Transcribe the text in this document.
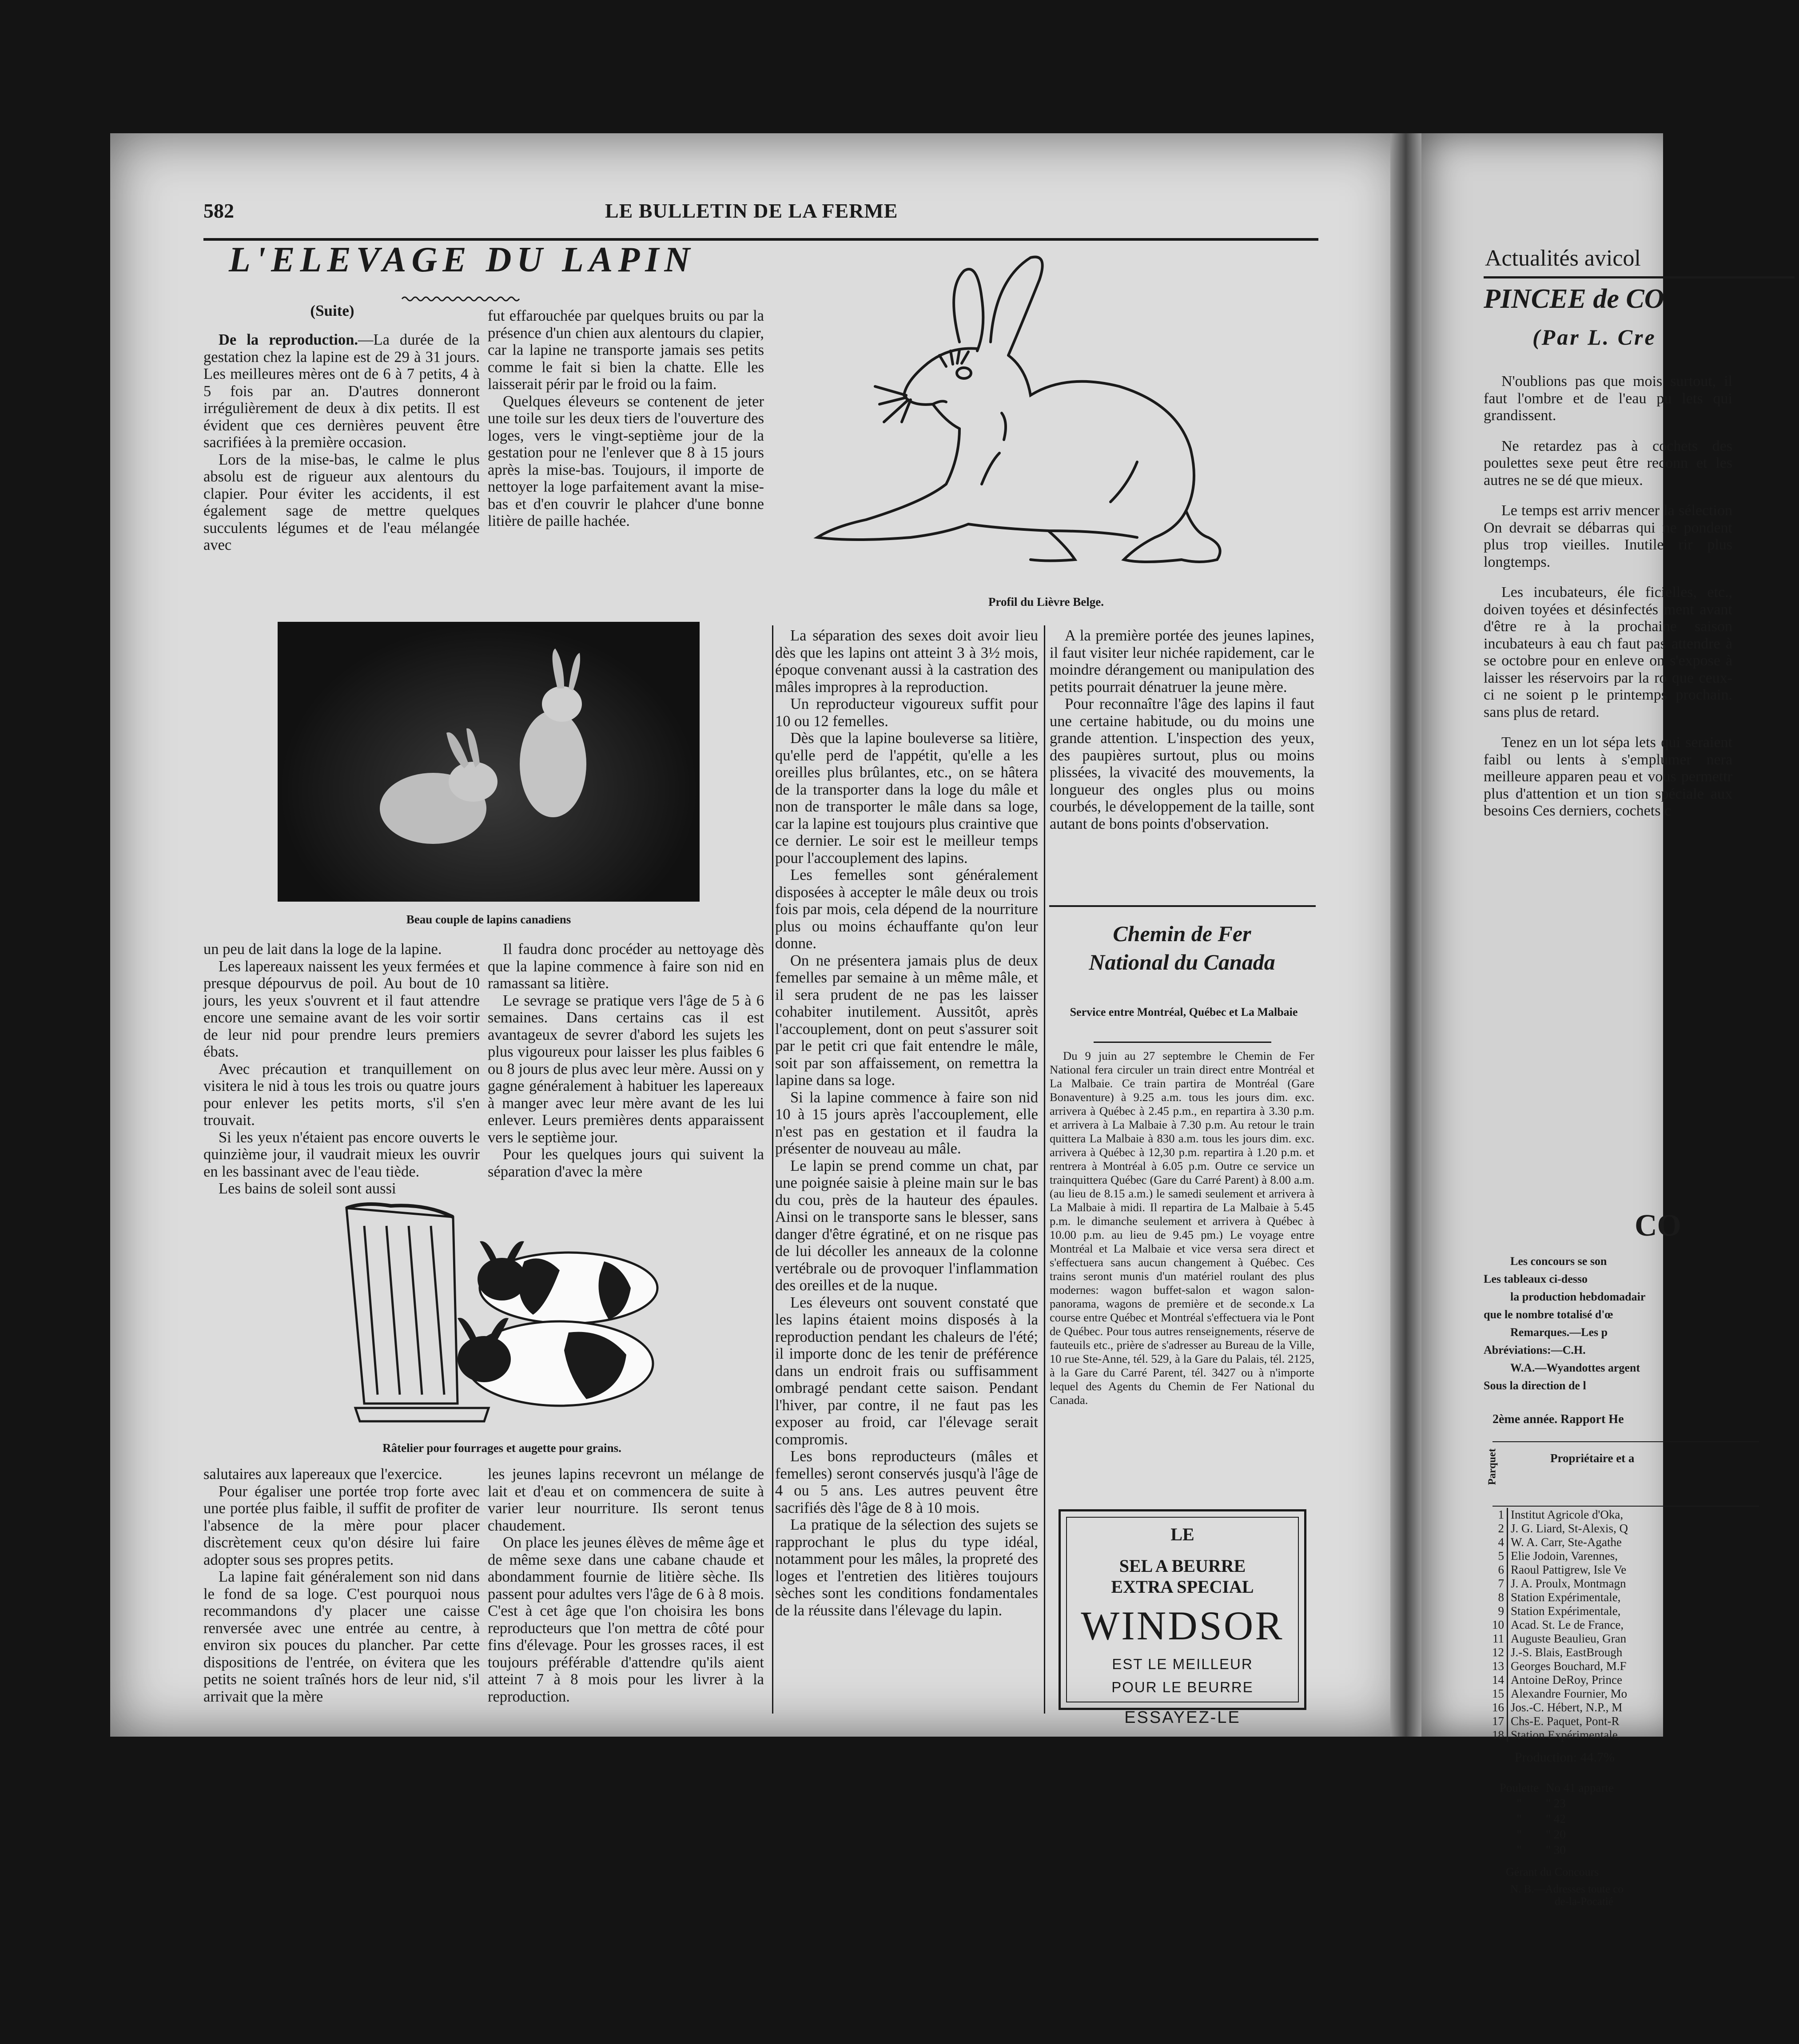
582	LE BULLETIN DE LA FERME
L'ELEVAGE DU LAPIN
(Suite)

De la reproduction.—La durée de la gestation chez la lapine est de 29 à 31 jours. Les meilleures mères ont de 6 à 7 petits, 4 à 5 fois par an. D'autres donneront irrégulièrement de deux à dix petits. Il est évident que ces dernières peuvent être sacrifiées à la première occasion.

Lors de la mise-bas, le calme le plus absolu est de rigueur aux alentours du clapier. Pour éviter les accidents, il est également sage de mettre quelques succulents légumes et de l'eau mélangée avec

fut effarouchée par quelques bruits ou par la présence d'un chien aux alentours du clapier, car la lapine ne transporte jamais ses petits comme le fait si bien la chatte. Elle les laisserait périr par le froid ou la faim.

Quelques éleveurs se contenent de jeter une toile sur les deux tiers de l'ouverture des loges, vers le vingt-septième jour de la gestation pour ne l'enlever que 8 à 15 jours après la mise-bas. Toujours, il importe de nettoyer la loge parfaitement avant la mise-bas et d'en couvrir le plahcer d'une bonne litière de paille hachée.

Profil du Lièvre Belge.
Beau couple de lapins canadiens

un peu de lait dans la loge de la lapine.

Les lapereaux naissent les yeux fermées et presque dépourvus de poil. Au bout de 10 jours, les yeux s'ouvrent et il faut attendre encore une semaine avant de les voir sortir de leur nid pour prendre leurs premiers ébats.

Avec précaution et tranquillement on visitera le nid à tous les trois ou quatre jours pour enlever les petits morts, s'il s'en trouvait.

Si les yeux n'étaient pas encore ouverts le quinzième jour, il vaudrait mieux les ouvrir en les bassinant avec de l'eau tiède.

Les bains de soleil sont aussi

Il faudra donc procéder au nettoyage dès que la lapine commence à faire son nid en ramassant sa litière.

Le sevrage se pratique vers l'âge de 5 à 6 semaines. Dans certains cas il est avantageux de sevrer d'abord les sujets les plus vigoureux pour laisser les plus faibles 6 ou 8 jours de plus avec leur mère. Aussi on y gagne généralement à habituer les lapereaux à manger avec leur mère avant de les lui enlever. Leurs premières dents apparaissent vers le septième jour.

Pour les quelques jours qui suivent la séparation d'avec la mère

Râtelier pour fourrages et augette pour grains.

salutaires aux lapereaux que l'exercice.

Pour égaliser une portée trop forte avec une portée plus faible, il suffit de profiter de l'absence de la mère pour placer discrètement ceux qu'on désire lui faire adopter sous ses propres petits.

La lapine fait généralement son nid dans le fond de sa loge. C'est pourquoi nous recommandons d'y placer une caisse renversée avec une entrée au centre, à environ six pouces du plancher. Par cette dispositions de l'entrée, on évitera que les petits ne soient traînés hors de leur nid, s'il arrivait que la mère

les jeunes lapins recevront un mélange de lait et d'eau et on commencera de suite à varier leur nourriture. Ils seront tenus chaudement.

On place les jeunes élèves de même âge et de même sexe dans une cabane chaude et abondamment fournie de litière sèche. Ils passent pour adultes vers l'âge de 6 à 8 mois. C'est à cet âge que l'on choisira les bons reproducteurs que l'on mettra de côté pour fins d'élevage. Pour les grosses races, il est toujours préférable d'attendre qu'ils aient atteint 7 à 8 mois pour les livrer à la reproduction.

La séparation des sexes doit avoir lieu dès que les lapins ont atteint 3 à 3½ mois, époque convenant aussi à la castration des mâles impropres à la reproduction.

Un reproducteur vigoureux suffit pour 10 ou 12 femelles.

Dès que la lapine bouleverse sa litière, qu'elle perd de l'appétit, qu'elle a les oreilles plus brûlantes, etc., on se hâtera de la transporter dans la loge du mâle et non de transporter le mâle dans sa loge, car la lapine est toujours plus craintive que ce dernier. Le soir est le meilleur temps pour l'accouplement des lapins.

Les femelles sont généralement disposées à accepter le mâle deux ou trois fois par mois, cela dépend de la nourriture plus ou moins échauffante qu'on leur donne.

On ne présentera jamais plus de deux femelles par semaine à un même mâle, et il sera prudent de ne pas les laisser cohabiter inutilement. Aussitôt, après l'accouplement, dont on peut s'assurer soit par le petit cri que fait entendre le mâle, soit par son affaissement, on remettra la lapine dans sa loge.

Si la lapine commence à faire son nid 10 à 15 jours après l'accouplement, elle n'est pas en gestation et il faudra la présenter de nouveau au mâle.

Le lapin se prend comme un chat, par une poignée saisie à pleine main sur le bas du cou, près de la hauteur des épaules. Ainsi on le transporte sans le blesser, sans danger d'être égratiné, et on ne risque pas de lui décoller les anneaux de la colonne vertébrale ou de provoquer l'inflammation des oreilles et de la nuque.

Les éleveurs ont souvent constaté que les lapins étaient moins disposés à la reproduction pendant les chaleurs de l'été; il importe donc de les tenir de préférence dans un endroit frais ou suffisamment ombragé pendant cette saison. Pendant l'hiver, par contre, il ne faut pas les exposer au froid, car l'élevage serait compromis.

Les bons reproducteurs (mâles et femelles) seront conservés jusqu'à l'âge de 4 ou 5 ans. Les autres peuvent être sacrifiés dès l'âge de 8 à 10 mois.

La pratique de la sélection des sujets se rapprochant le plus du type idéal, notamment pour les mâles, la propreté des loges et l'entretien des litières toujours sèches sont les conditions fondamentales de la réussite dans l'élevage du lapin.

A la première portée des jeunes lapines, il faut visiter leur nichée rapidement, car le moindre dérangement ou manipulation des petits pourrait dénatruer la jeune mère.

Pour reconnaître l'âge des lapins il faut une certaine habitude, ou du moins une grande attention. L'inspection des yeux, des paupières surtout, plus ou moins plissées, la vivacité des mouvements, la longueur des ongles plus ou moins courbés, le développement de la taille, sont autant de bons points d'observation.

Chemin de Fer
National du Canada
Service entre Montréal, Québec et La Malbaie
Du 9 juin au 27 septembre le Chemin de Fer National fera circuler un train direct entre Montréal et La Malbaie. Ce train partira de Montréal (Gare Bonaventure) à 9.25 a.m. tous les jours dim. exc. arrivera à Québec à 2.45 p.m., en repartira à 3.30 p.m. et arrivera à La Malbaie à 7.30 p.m. Au retour le train quittera La Malbaie à 830 a.m. tous les jours dim. exc. arrivera à Québec à 12,30 p.m. repartira à 1.20 p.m. et rentrera à Montréal à 6.05 p.m. Outre ce service un trainquittera Québec (Gare du Carré Parent) à 8.00 a.m. (au lieu de 8.15 a.m.) le samedi seulement et arrivera à La Malbaie à midi. Il repartira de La Malbaie à 5.45 p.m. le dimanche seulement et arrivera à Québec à 10.00 p.m. au lieu de 9.45 pm.) Le voyage entre Montréal et La Malbaie et vice versa sera direct et s'effectuera sans aucun changement à Québec. Ces trains seront munis d'un matériel roulant des plus modernes: wagon buffet-salon et wagon salon-panorama, wagons de première et de seconde.x La course entre Québec et Montréal s'effectuera via le Pont de Québec. Pour tous autres renseignements, réserve de fauteuils etc., prière de s'adresser au Bureau de la Ville, 10 rue Ste-Anne, tél. 529, à la Gare du Palais, tél. 2125, à la Gare du Carré Parent, tél. 3427 ou à n'importe lequel des Agents du Chemin de Fer National du Canada.
LE
SEL A BEURRE
EXTRA SPECIAL
WINDSOR
EST LE MEILLEUR
POUR LE BEURRE
ESSAYEZ-LE
Actualités avicol
PINCEE de CO
(Par L. Cre

N'oublions pas que mois surtout, il faut l'ombre et de l'eau pu lets qui grandissent.

Ne retardez pas à cochets des poulettes sexe peut être reconn et les autres ne se dé que mieux.

Le temps est arriv mencer la sélection On devrait se débarras qui ne pondent plus trop vieilles. Inutile rir plus longtemps.

Les incubateurs, éle ficielles, etc., doiven toyées et désinfectés ment avant d'être re à la prochaine saison incubateurs à eau ch faut pas attendre à se octobre pour en enleve on s'expose à laisser les réservoirs par la ro que ceux-ci ne soient p le printemps prochain. sans plus de retard.

Tenez en un lot sépa lets qui seraient faibl ou lents à s'emplumer nera meilleure apparen peau et vous permettr plus d'attention et un tion spéciale aux besoins Ces derniers, cochets c

CO
Les concours se son
Les tableaux ci-desso
la production hebdomadair
que le nombre totalisé d'œ
Remarques.—Les p
Abréviations:—C.H.
W.A.—Wyandottes argent
Sous la direction de l
2ème année. Rapport He
Parquet	Propriétaire et a
1	Institut Agricole d'Oka,
2	J. G. Liard, St-Alexis, Q
4	W. A. Carr, Ste-Agathe
5	Elie Jodoin, Varennes,
6	Raoul Pattigrew, Isle Ve
7	J. A. Proulx, Montmagn
8	Station Expérimentale,
9	Station Expérimentale,
10	Acad. St. Le de France,
11	Auguste Beaulieu, Gran
12	J.-S. Blais, EastBrough
13	Georges Bouchard, M.F
14	Antoine DeRoy, Prince
15	Alexandre Fournier, Mo
16	Jos.-C. Hébert, N.P., M
17	Chs-E. Paquet, Pont-R
18	Station Expérimentale,
Production: 44.7%
Poulette No 41 apparte
" " 23
" " 42
" " 20
" " 30
Gérant du Concours
N. B.—Adresses toute co
de-la-Pocatié
